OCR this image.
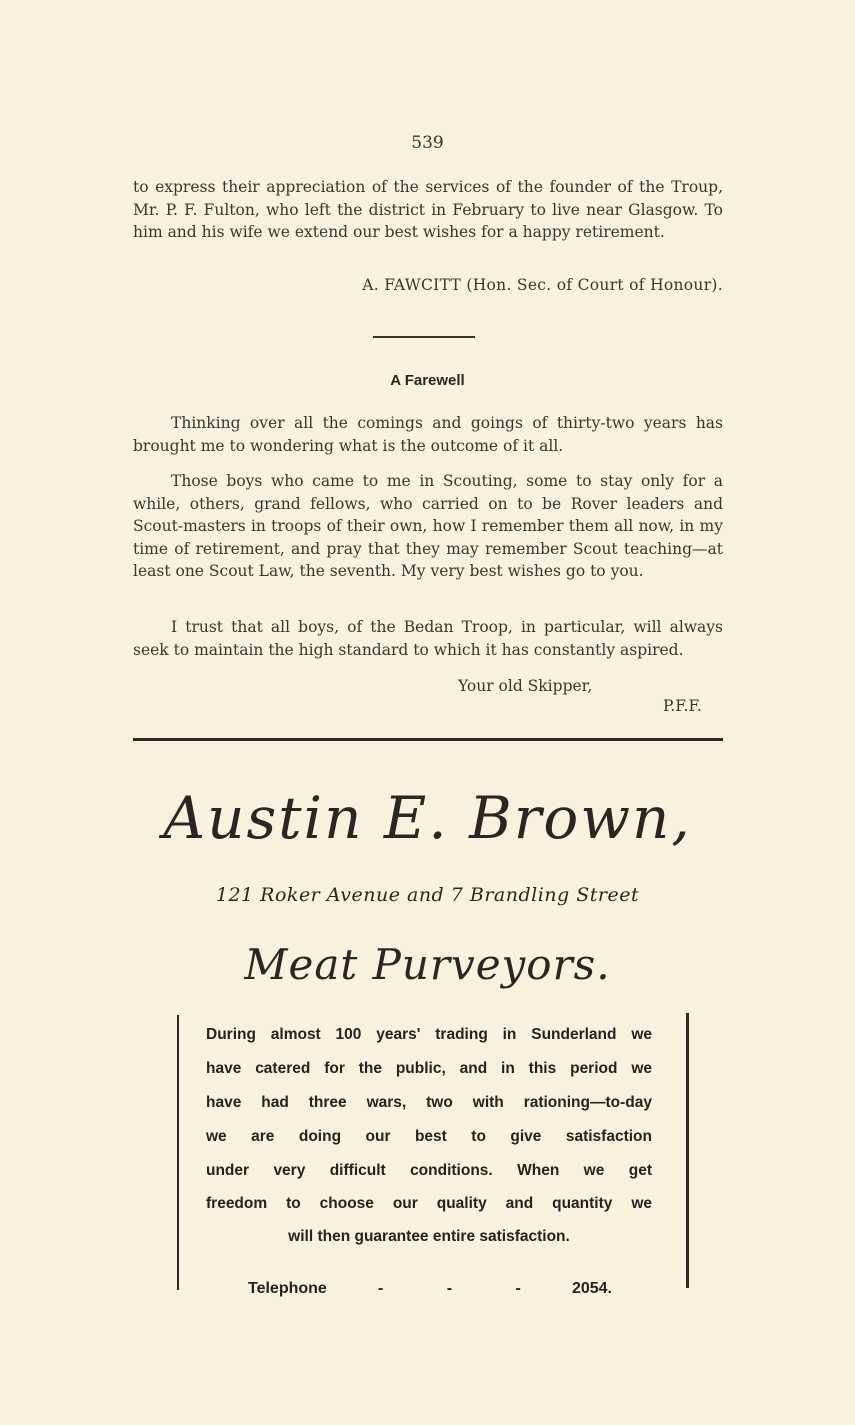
539

to express their appreciation of the services of the founder of the Troup, Mr. P. F. Fulton, who left the district in February to live near Glasgow. To him and his wife we extend our best wishes for a happy retirement.

A. FAWCITT (Hon. Sec. of Court of Honour).
A Farewell

Thinking over all the comings and goings of thirty-two years has brought me to wondering what is the outcome of it all.

Those boys who came to me in Scouting, some to stay only for a while, others, grand fellows, who carried on to be Rover leaders and Scout-masters in troops of their own, how I remember them all now, in my time of retirement, and pray that they may remember Scout teaching—at least one Scout Law, the seventh. My very best wishes go to you.

I trust that all boys, of the Bedan Troop, in particular, will always seek to maintain the high standard to which it has constantly aspired.

Your old Skipper,
P.F.F.
Austin E. Brown,
121 Roker Avenue and 7 Brandling Street
Meat Purveyors.

During almost 100 years' trading in Sunderland we

have catered for the public, and in this period we

have had three wars, two with rationing—to-day

we are doing our best to give satisfaction

under very difficult conditions. When we get

freedom to choose our quality and quantity we

will then guarantee entire satisfaction.

Telephone	-	-	-	2054.
